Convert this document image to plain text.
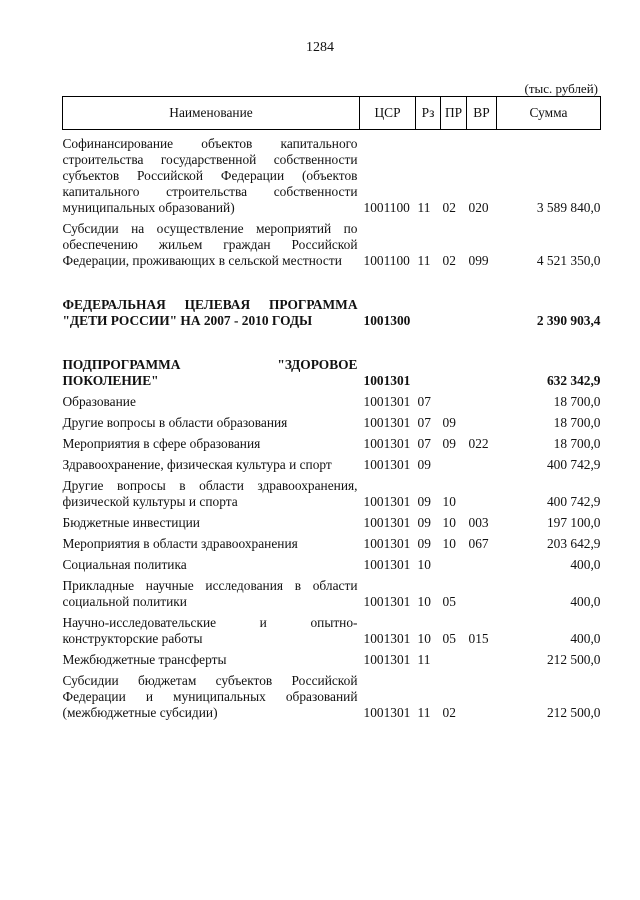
1284
(тыс. рублей)
Наименование	ЦСР	Рз	ПР	ВР	Сумма
Софинансирование объектов капитального строительства государственной собственности субъектов Российской Федерации (объектов капитального строительства собственности муниципальных образований)	1001100	11	02	020	3 589 840,0
Субсидии на осуществление мероприятий по обеспечению жильем граждан Российской Федерации, проживающих в сельской местности	1001100	11	02	099	4 521 350,0
ФЕДЕРАЛЬНАЯ ЦЕЛЕВАЯ ПРОГРАММА "ДЕТИ РОССИИ" НА 2007 - 2010 ГОДЫ	1001300				2 390 903,4
ПОДПРОГРАММА "ЗДОРОВОЕ ПОКОЛЕНИЕ"	1001301				632 342,9
Образование	1001301	07			18 700,0
Другие вопросы в области образования	1001301	07	09		18 700,0
Мероприятия в сфере образования	1001301	07	09	022	18 700,0
Здравоохранение, физическая культура и спорт	1001301	09			400 742,9
Другие вопросы в области здравоохранения, физической культуры и спорта	1001301	09	10		400 742,9
Бюджетные инвестиции	1001301	09	10	003	197 100,0
Мероприятия в области здравоохранения	1001301	09	10	067	203 642,9
Социальная политика	1001301	10			400,0
Прикладные научные исследования в области социальной политики	1001301	10	05		400,0
Научно-исследовательские и опытно-конструкторские работы	1001301	10	05	015	400,0
Межбюджетные трансферты	1001301	11			212 500,0
Субсидии бюджетам субъектов Российской Федерации и муниципальных образований (межбюджетные субсидии)	1001301	11	02		212 500,0
